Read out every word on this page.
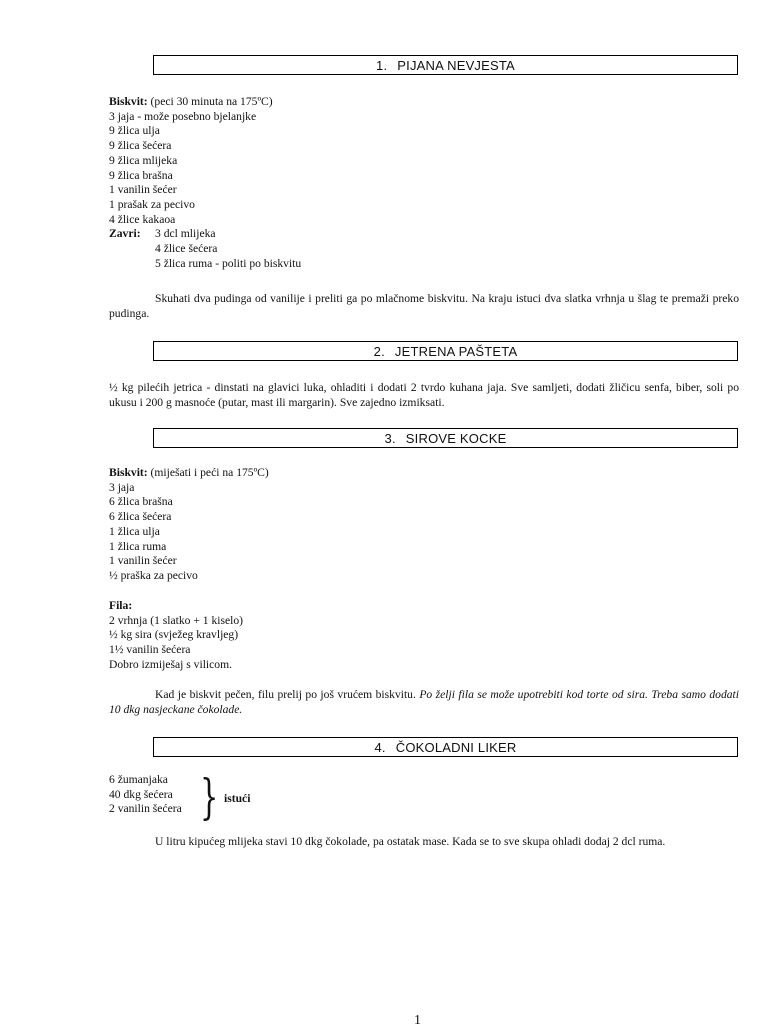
1. PIJANA NEVJESTA
Biskvit: (peci 30 minuta na 175ºC)
3 jaja - može posebno bjelanjke
9 žlica ulja
9 žlica šećera
9 žlica mlijeka
9 žlica brašna
1 vanilin šećer
1 prašak za pecivo
4 žlice kakaoa
Zavri: 3 dcl mlijeka
4 žlice šećera
5 žlica ruma - politi po biskvitu
Skuhati dva pudinga od vanilije i preliti ga po mlačnome biskvitu. Na kraju istuci dva slatka vrhnja u šlag te premaži preko pudinga.
2. JETRENA PAŠTETA
½ kg pilećih jetrica - dinstati na glavici luka, ohladiti i dodati 2 tvrdo kuhana jaja. Sve samljeti, dodati žličicu senfa, biber, soli po ukusu i 200 g masnoće (putar, mast ili margarin). Sve zajedno izmiksati.
3. SIROVE KOCKE
Biskvit: (miješati i peći na 175ºC)
3 jaja
6 žlica brašna
6 žlica šećera
1 žlica ulja
1 žlica ruma
1 vanilin šećer
½ praška za pecivo
Fila:
2 vrhnja (1 slatko + 1 kiselo)
½ kg sira (svježeg kravljeg)
1½ vanilin šećera
Dobro izmiješaj s vilicom.
Kad je biskvit pečen, filu prelij po još vrućem biskvitu. Po želji fila se može upotrebiti kod torte od sira. Treba samo dodati 10 dkg nasjeckane čokolade.
4. ČOKOLADNI LIKER
6 žumanjaka
40 dkg šećera
2 vanilin šećera } istući
U litru kipućeg mlijeka stavi 10 dkg čokolade, pa ostatak mase. Kada se to sve skupa ohladi dodaj 2 dcl ruma.
1
